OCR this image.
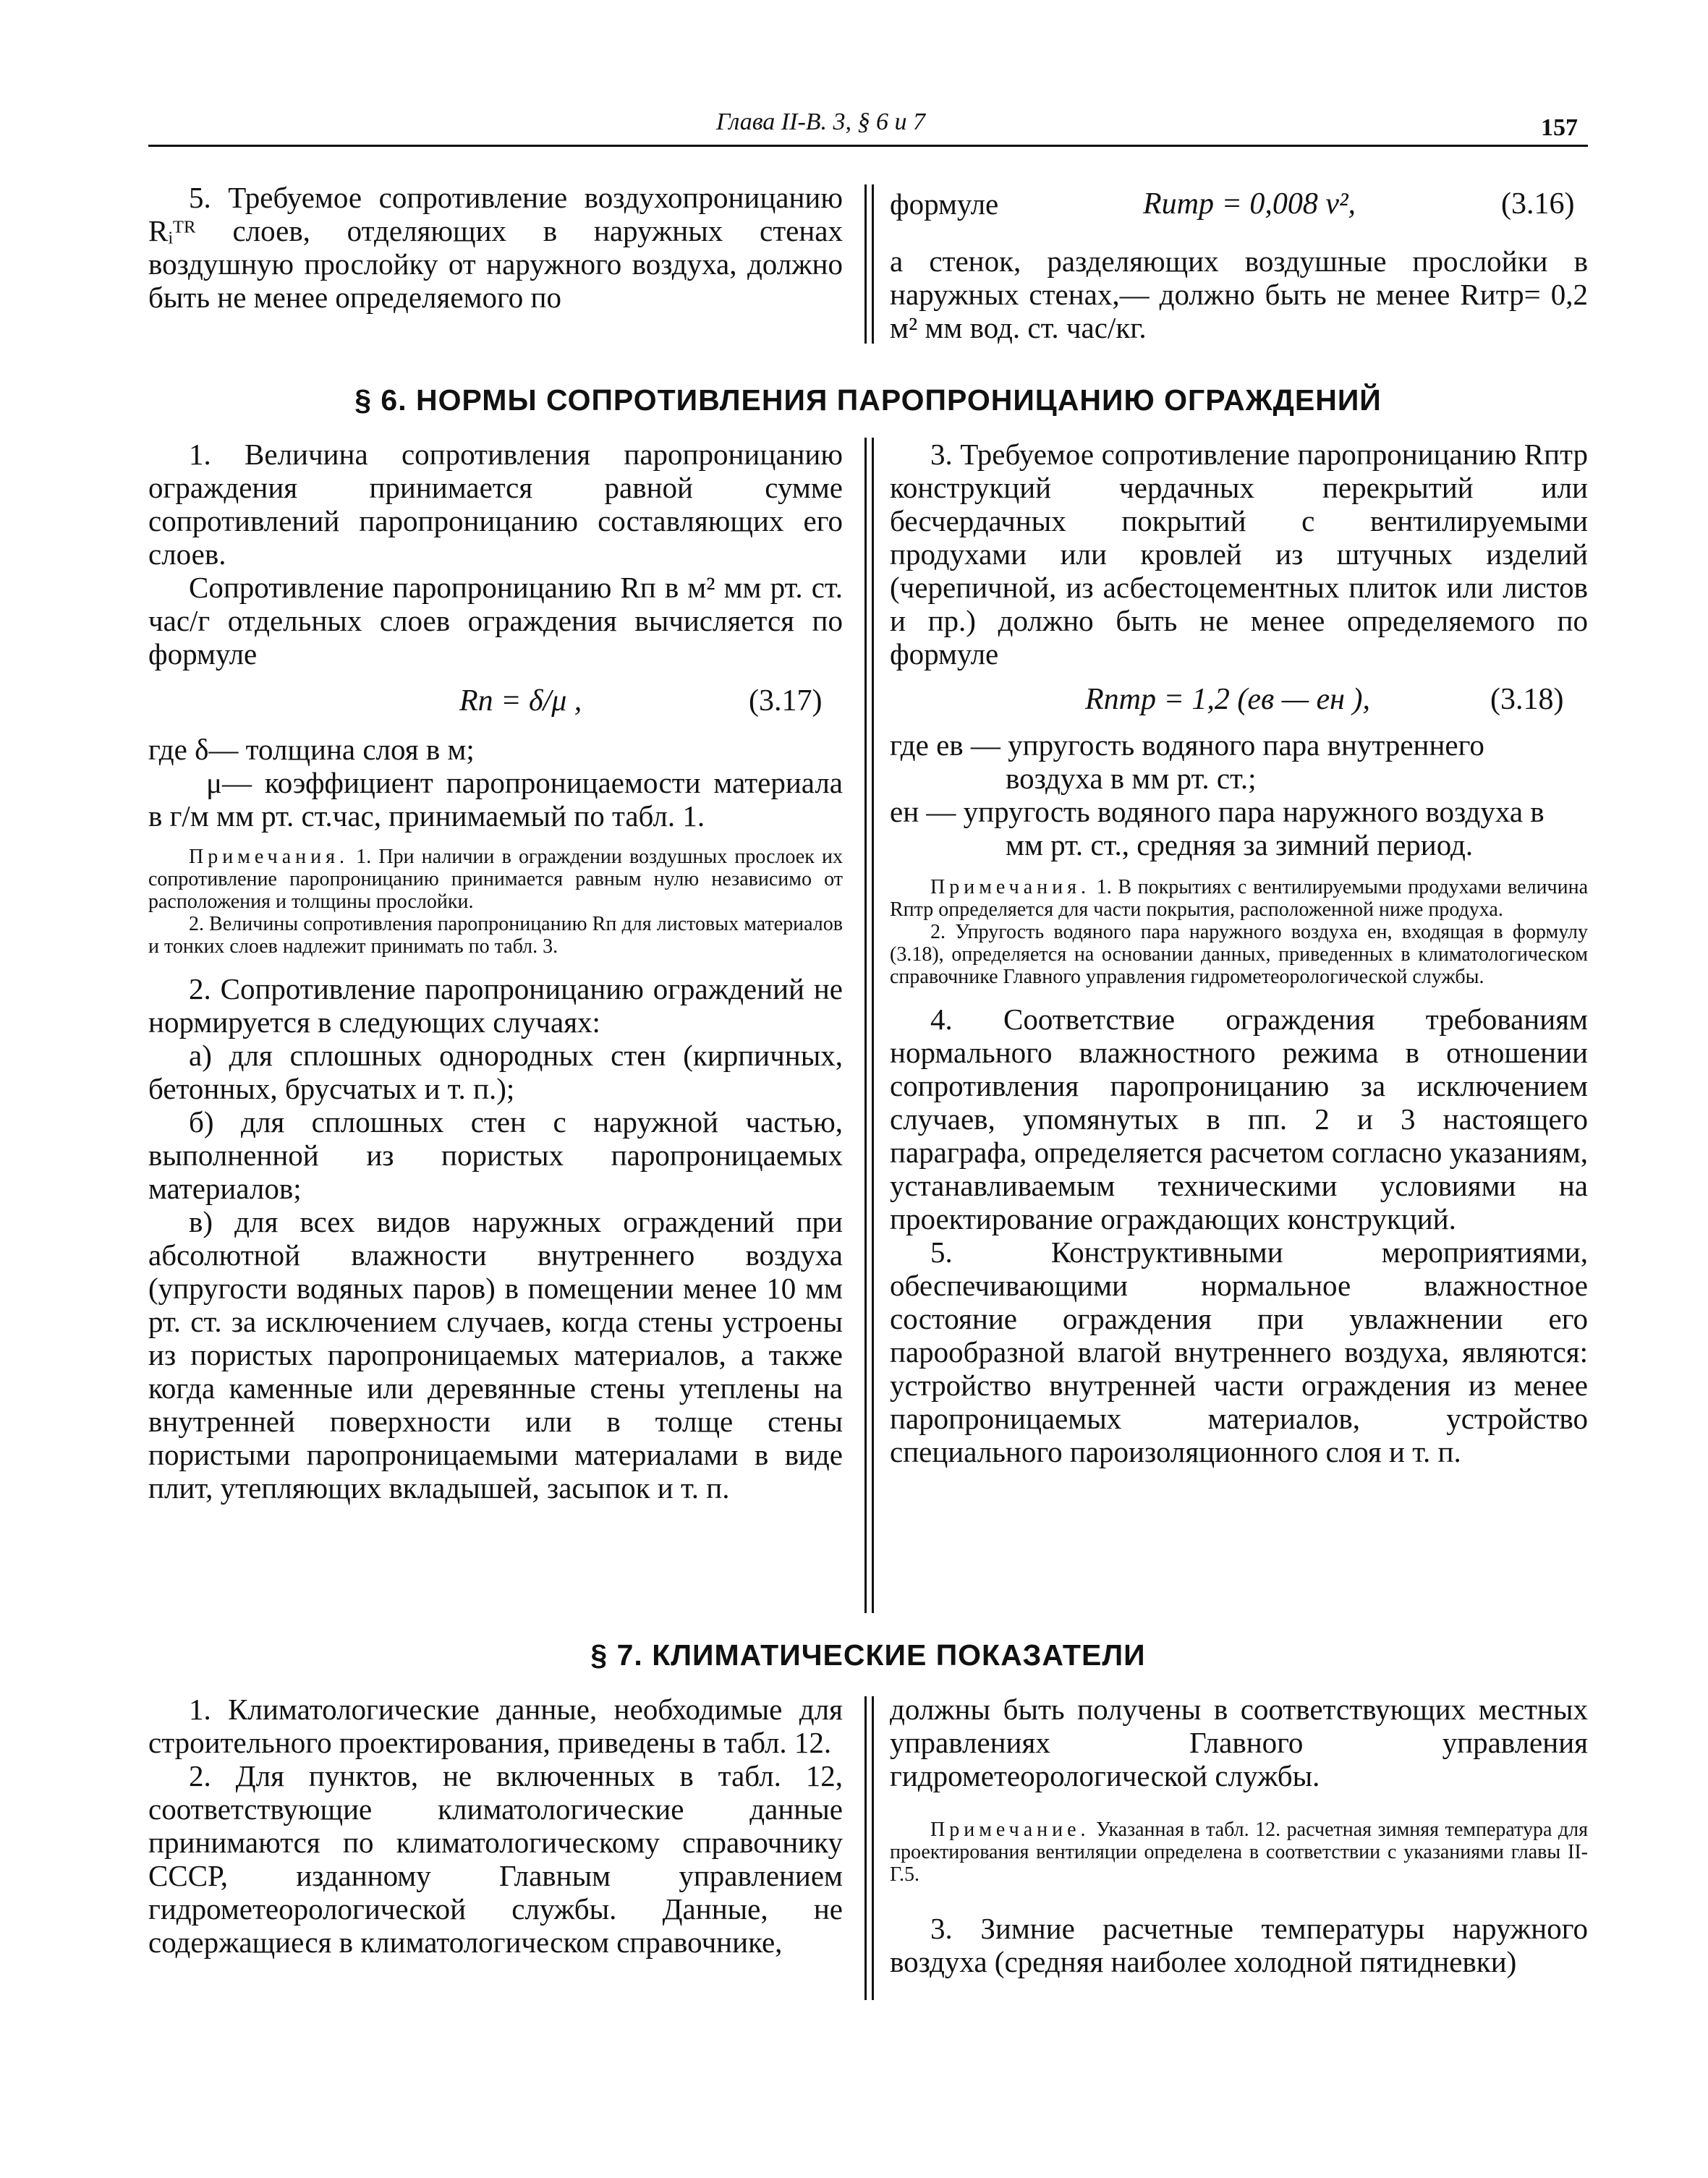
Глава II-В. 3, § 6 и 7	157

5. Требуемое сопротивление воздухопроницанию Rᵢᵀᴿ слоев, отделяющих в наружных стенах воздушную прослойку от наружного воздуха, должно быть не менее определяемого по

формуле	Rитр = 0,008 v²,	(3.16)

а стенок, разделяющих воздушные прослойки в наружных стенах,— должно быть не менее Rитр= 0,2 м² мм вод. ст. час/кг.

§ 6. НОРМЫ СОПРОТИВЛЕНИЯ ПАРОПРОНИЦАНИЮ ОГРАЖДЕНИЙ

1. Величина сопротивления паропроницанию ограждения принимается равной сумме сопротивлений паропроницанию составляющих его слоев.

Сопротивление паропроницанию Rп в м² мм рт. ст. час/г отдельных слоев ограждения вычисляется по формуле

Rп = δ/μ ,	(3.17)

где δ— толщина слоя в м;

μ— коэффициент паропроницаемости материала в г/м мм рт. ст.час, принимаемый по табл. 1.

Примечания. 1. При наличии в ограждении воздушных прослоек их сопротивление паропроницанию принимается равным нулю независимо от расположения и толщины прослойки.

2. Величины сопротивления паропроницанию Rп для листовых материалов и тонких слоев надлежит принимать по табл. 3.

2. Сопротивление паропроницанию ограждений не нормируется в следующих случаях:

а) для сплошных однородных стен (кирпичных, бетонных, брусчатых и т. п.);

б) для сплошных стен с наружной частью, выполненной из пористых паропроницаемых материалов;

в) для всех видов наружных ограждений при абсолютной влажности внутреннего воздуха (упругости водяных паров) в помещении менее 10 мм рт. ст. за исключением случаев, когда стены устроены из пористых паропроницаемых материалов, а также когда каменные или деревянные стены утеплены на внутренней поверхности или в толще стены пористыми паропроницаемыми материалами в виде плит, утепляющих вкладышей, засыпок и т. п.

3. Требуемое сопротивление паропроницанию Rптр конструкций чердачных перекрытий или бесчердачных покрытий с вентилируемыми продухами или кровлей из штучных изделий (черепичной, из асбестоцементных плиток или листов и пр.) должно быть не менее определяемого по формуле

Rптр = 1,2 (eв — eн ),	(3.18)

где eв — упругость водяного пара внутреннего воздуха в мм рт. ст.;

eн — упругость водяного пара наружного воздуха в мм рт. ст., средняя за зимний период.

Примечания. 1. В покрытиях с вентилируемыми продухами величина Rптр определяется для части покрытия, расположенной ниже продуха.

2. Упругость водяного пара наружного воздуха eн, входящая в формулу (3.18), определяется на основании данных, приведенных в климатологическом справочнике Главного управления гидрометеорологической службы.

4. Соответствие ограждения требованиям нормального влажностного режима в отношении сопротивления паропроницанию за исключением случаев, упомянутых в пп. 2 и 3 настоящего параграфа, определяется расчетом согласно указаниям, устанавливаемым техническими условиями на проектирование ограждающих конструкций.

5. Конструктивными мероприятиями, обеспечивающими нормальное влажностное состояние ограждения при увлажнении его парообразной влагой внутреннего воздуха, являются: устройство внутренней части ограждения из менее паропроницаемых материалов, устройство специального пароизоляционного слоя и т. п.

§ 7. КЛИМАТИЧЕСКИЕ ПОКАЗАТЕЛИ

1. Климатологические данные, необходимые для строительного проектирования, приведены в табл. 12.

2. Для пунктов, не включенных в табл. 12, соответствующие климатологические данные принимаются по климатологическому справочнику СССР, изданному Главным управлением гидрометеорологической службы. Данные, не содержащиеся в климатологическом справочнике,

должны быть получены в соответствующих местных управлениях Главного управления гидрометеорологической службы.

Примечание. Указанная в табл. 12. расчетная зимняя температура для проектирования вентиляции определена в соответствии с указаниями главы II-Г.5.

3. Зимние расчетные температуры наружного воздуха (средняя наиболее холодной пятидневки)
